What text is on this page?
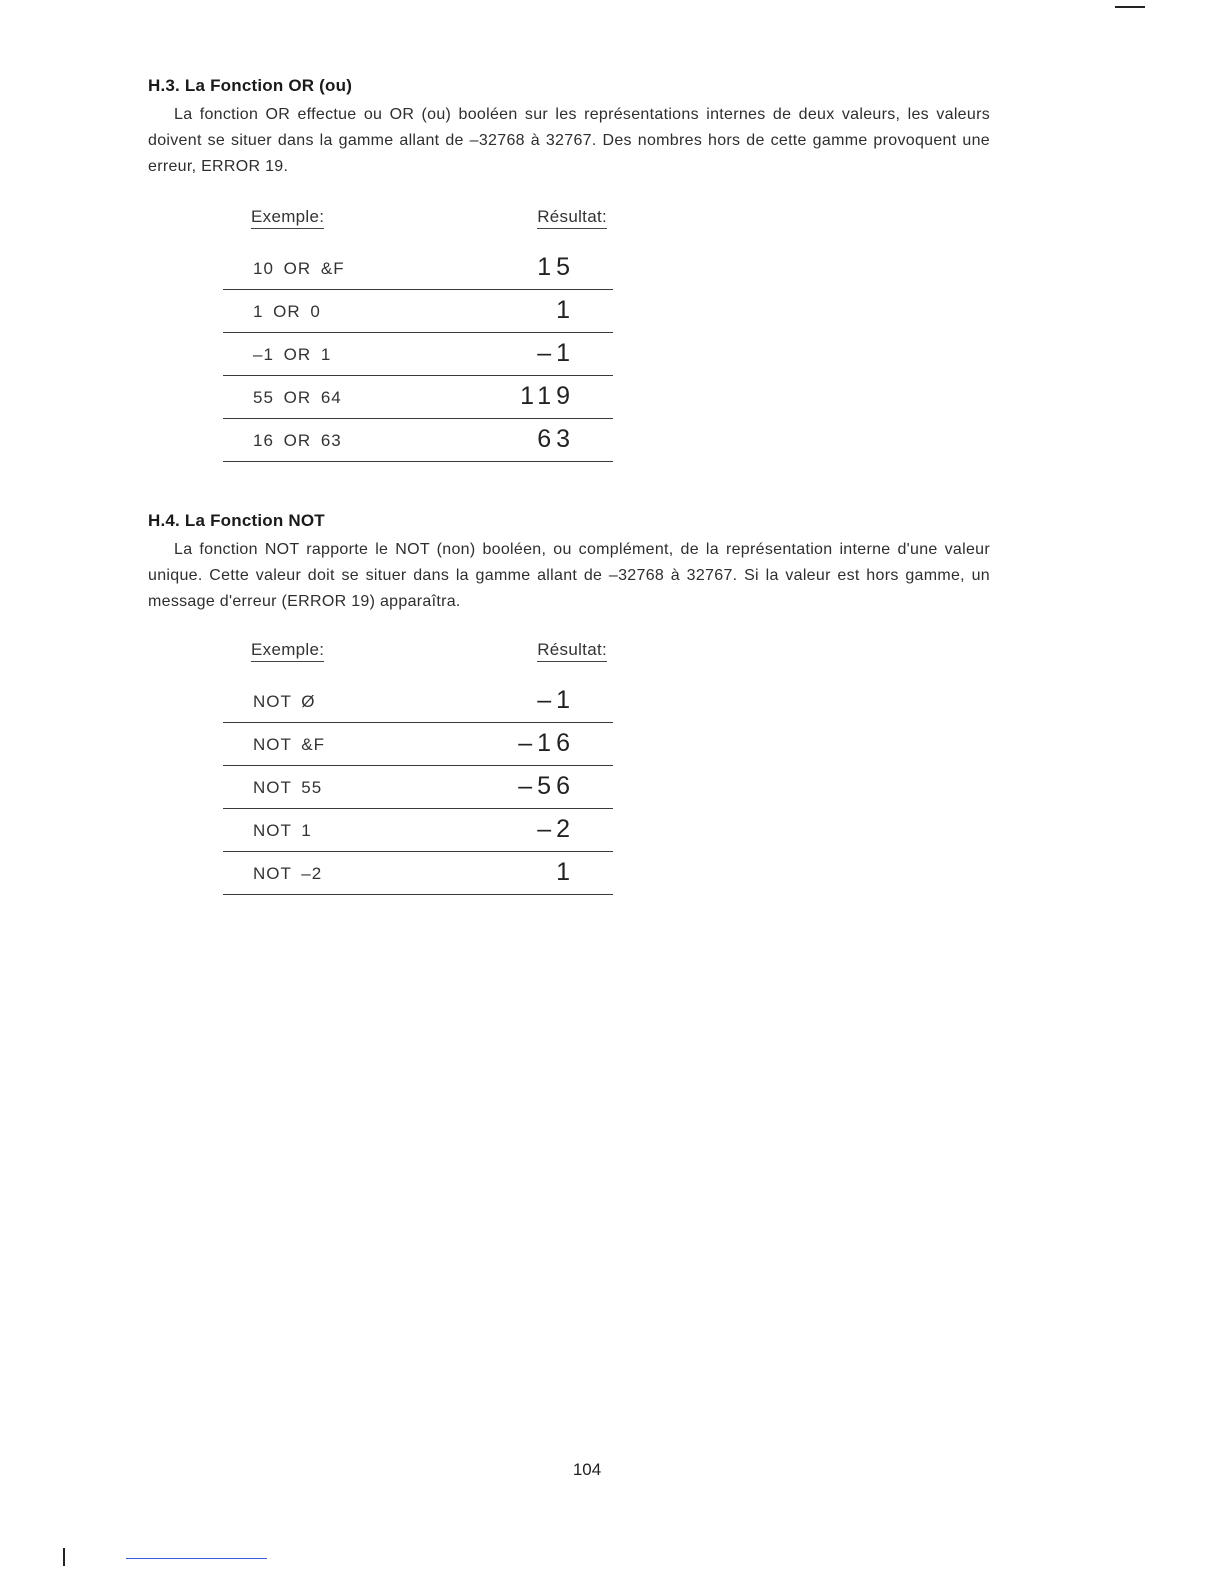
H.3. La Fonction OR (ou)

La fonction OR effectue ou OR (ou) booléen sur les représentations internes de deux valeurs, les valeurs doivent se situer dans la gamme allant de –32768 à 32767. Des nombres hors de cette gamme provoquent une erreur, ERROR 19.

Exemple:	Résultat:
10 OR &F	15
1 OR 0	1
–1 OR 1	–1
55 OR 64	119
16 OR 63	63
H.4. La Fonction NOT

La fonction NOT rapporte le NOT (non) booléen, ou complément, de la représentation interne d'une valeur unique. Cette valeur doit se situer dans la gamme allant de –32768 à 32767. Si la valeur est hors gamme, un message d'erreur (ERROR 19) apparaîtra.

Exemple:	Résultat:
NOT Ø	–1
NOT &F	–16
NOT 55	–56
NOT 1	–2
NOT –2	1
104
